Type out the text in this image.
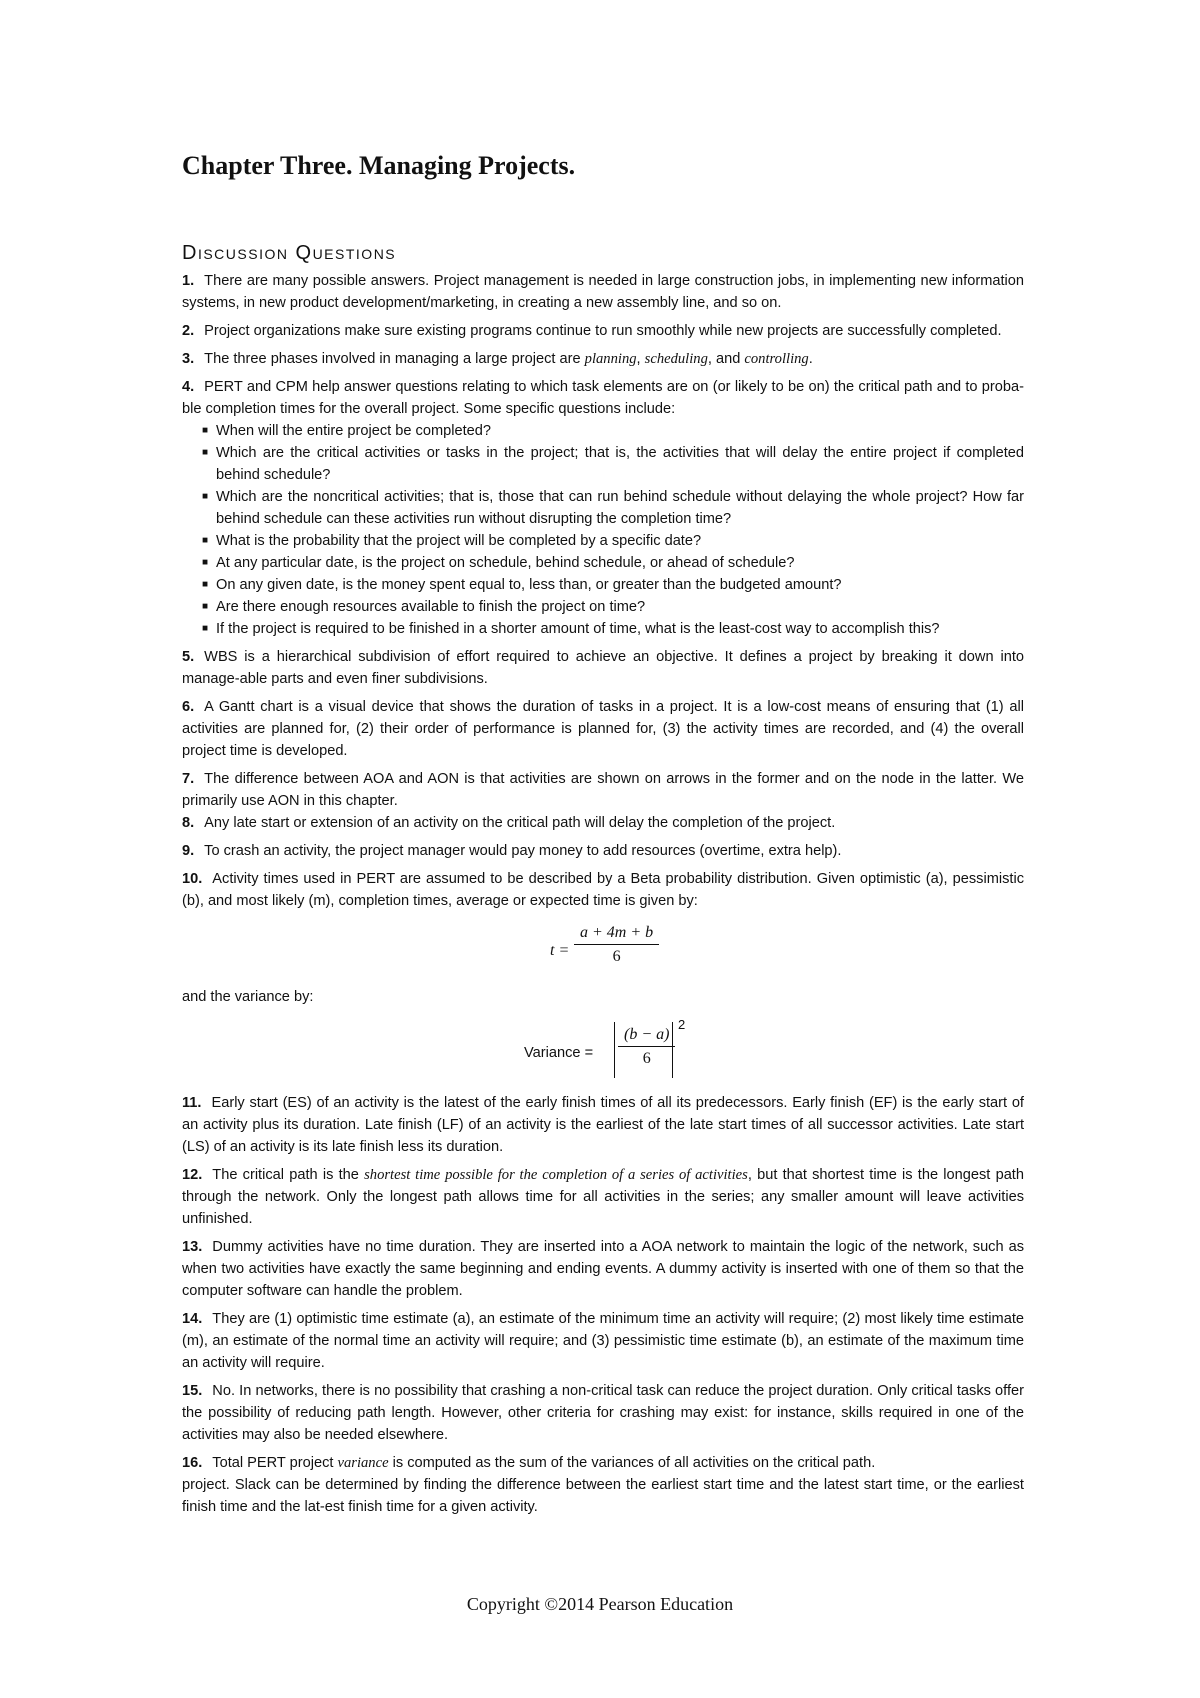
Chapter Three. Managing Projects.
Discussion Questions

1. There are many possible answers. Project management is needed in large construction jobs, in implementing new information systems, in new product development/marketing, in creating a new assembly line, and so on.

2. Project organizations make sure existing programs continue to run smoothly while new projects are successfully completed.

3. The three phases involved in managing a large project are planning, scheduling, and controlling.

4. PERT and CPM help answer questions relating to which task elements are on (or likely to be on) the critical path and to proba-ble completion times for the overall project. Some specific questions include:

■ When will the entire project be completed?
■ Which are the critical activities or tasks in the project; that is, the activities that will delay the entire project if completed behind schedule?
■ Which are the noncritical activities; that is, those that can run behind schedule without delaying the whole project? How far behind schedule can these activities run without disrupting the completion time?
■ What is the probability that the project will be completed by a specific date?
■ At any particular date, is the project on schedule, behind schedule, or ahead of schedule?
■ On any given date, is the money spent equal to, less than, or greater than the budgeted amount?
■ Are there enough resources available to finish the project on time?
■ If the project is required to be finished in a shorter amount of time, what is the least-cost way to accomplish this?

5. WBS is a hierarchical subdivision of effort required to achieve an objective. It defines a project by breaking it down into manage-able parts and even finer subdivisions.

6. A Gantt chart is a visual device that shows the duration of tasks in a project. It is a low-cost means of ensuring that (1) all activities are planned for, (2) their order of performance is planned for, (3) the activity times are recorded, and (4) the overall project time is developed.

7. The difference between AOA and AON is that activities are shown on arrows in the former and on the node in the latter. We primarily use AON in this chapter.

8. Any late start or extension of an activity on the critical path will delay the completion of the project.

9. To crash an activity, the project manager would pay money to add resources (overtime, extra help).

10. Activity times used in PERT are assumed to be described by a Beta probability distribution. Given optimistic (a), pessimistic (b), and most likely (m), completion times, average or expected time is given by:

t =
a + 4m + b
6

and the variance by:

Variance =
(b − a)
6
2

11. Early start (ES) of an activity is the latest of the early finish times of all its predecessors. Early finish (EF) is the early start of an activity plus its duration. Late finish (LF) of an activity is the earliest of the late start times of all successor activities. Late start (LS) of an activity is its late finish less its duration.

12. The critical path is the shortest time possible for the completion of a series of activities, but that shortest time is the longest path through the network. Only the longest path allows time for all activities in the series; any smaller amount will leave activities unfinished.

13. Dummy activities have no time duration. They are inserted into a AOA network to maintain the logic of the network, such as when two activities have exactly the same beginning and ending events. A dummy activity is inserted with one of them so that the computer software can handle the problem.

14. They are (1) optimistic time estimate (a), an estimate of the minimum time an activity will require; (2) most likely time estimate (m), an estimate of the normal time an activity will require; and (3) pessimistic time estimate (b), an estimate of the maximum time an activity will require.

15. No. In networks, there is no possibility that crashing a non-critical task can reduce the project duration. Only critical tasks offer the possibility of reducing path length. However, other criteria for crashing may exist: for instance, skills required in one of the activities may also be needed elsewhere.

16. Total PERT project variance is computed as the sum of the variances of all activities on the critical path.

project. Slack can be determined by finding the difference between the earliest start time and the latest start time, or the earliest finish time and the lat-est finish time for a given activity.

Copyright ©2014 Pearson Education
